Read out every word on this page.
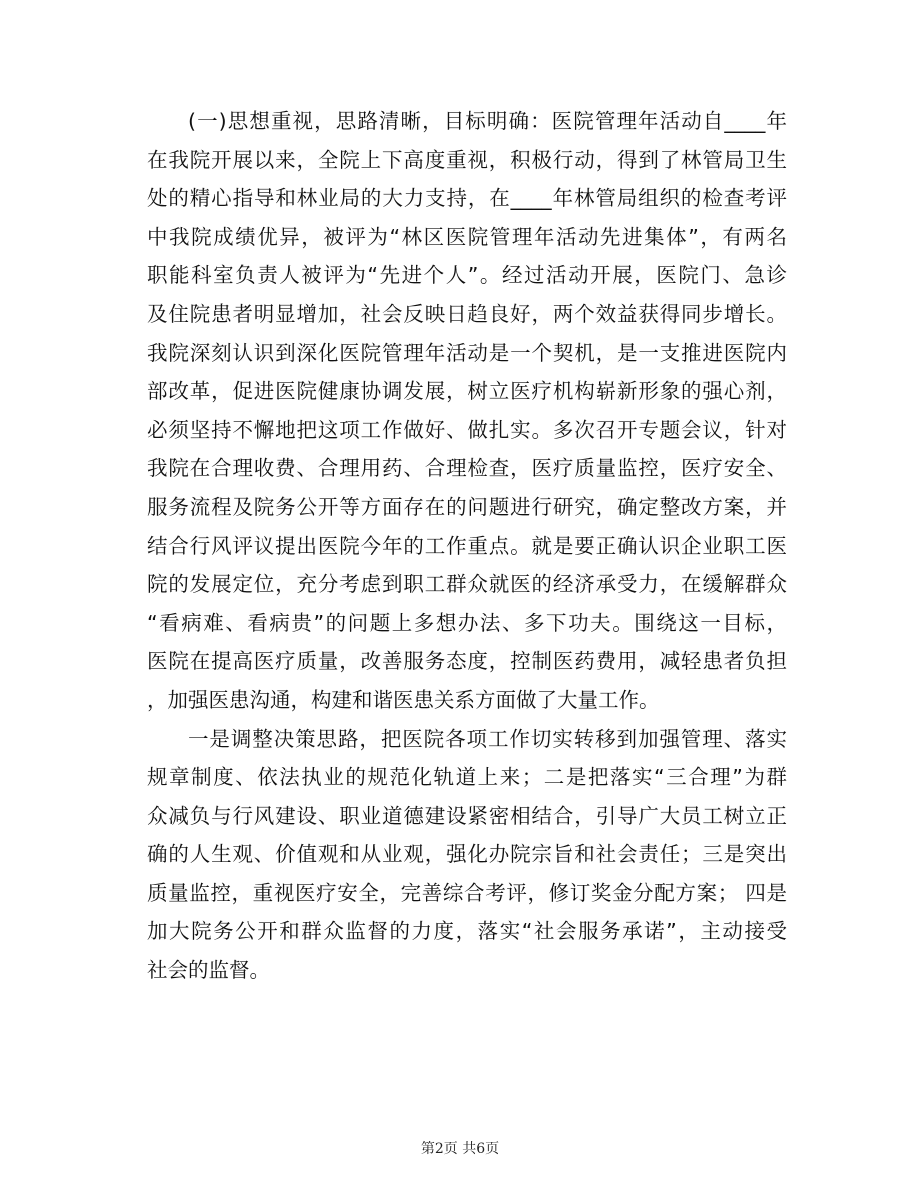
(一)思想重视，思路清晰，目标明确：医院管理年活动自____年
在我院开展以来，全院上下高度重视，积极行动，得到了林管局卫生
处的精心指导和林业局的大力支持，在____年林管局组织的检查考评
中我院成绩优异，被评为“林区医院管理年活动先进集体”，有两名
职能科室负责人被评为“先进个人”。经过活动开展，医院门、急诊
及住院患者明显增加，社会反映日趋良好，两个效益获得同步增长。
我院深刻认识到深化医院管理年活动是一个契机，是一支推进医院内
部改革，促进医院健康协调发展，树立医疗机构崭新形象的强心剂，
必须坚持不懈地把这项工作做好、做扎实。多次召开专题会议，针对
我院在合理收费、合理用药、合理检查，医疗质量监控，医疗安全、
服务流程及院务公开等方面存在的问题进行研究，确定整改方案，并
结合行风评议提出医院今年的工作重点。就是要正确认识企业职工医
院的发展定位，充分考虑到职工群众就医的经济承受力，在缓解群众
“看病难、看病贵”的问题上多想办法、多下功夫。围绕这一目标，
医院在提高医疗质量，改善服务态度，控制医药费用，减轻患者负担
，加强医患沟通，构建和谐医患关系方面做了大量工作。
一是调整决策思路，把医院各项工作切实转移到加强管理、落实
规章制度、依法执业的规范化轨道上来；二是把落实“三合理”为群
众减负与行风建设、职业道德建设紧密相结合，引导广大员工树立正
确的人生观、价值观和从业观，强化办院宗旨和社会责任；三是突出
质量监控，重视医疗安全，完善综合考评，修订奖金分配方案； 四是
加大院务公开和群众监督的力度，落实“社会服务承诺”，主动接受
社会的监督。
第2页 共6页
